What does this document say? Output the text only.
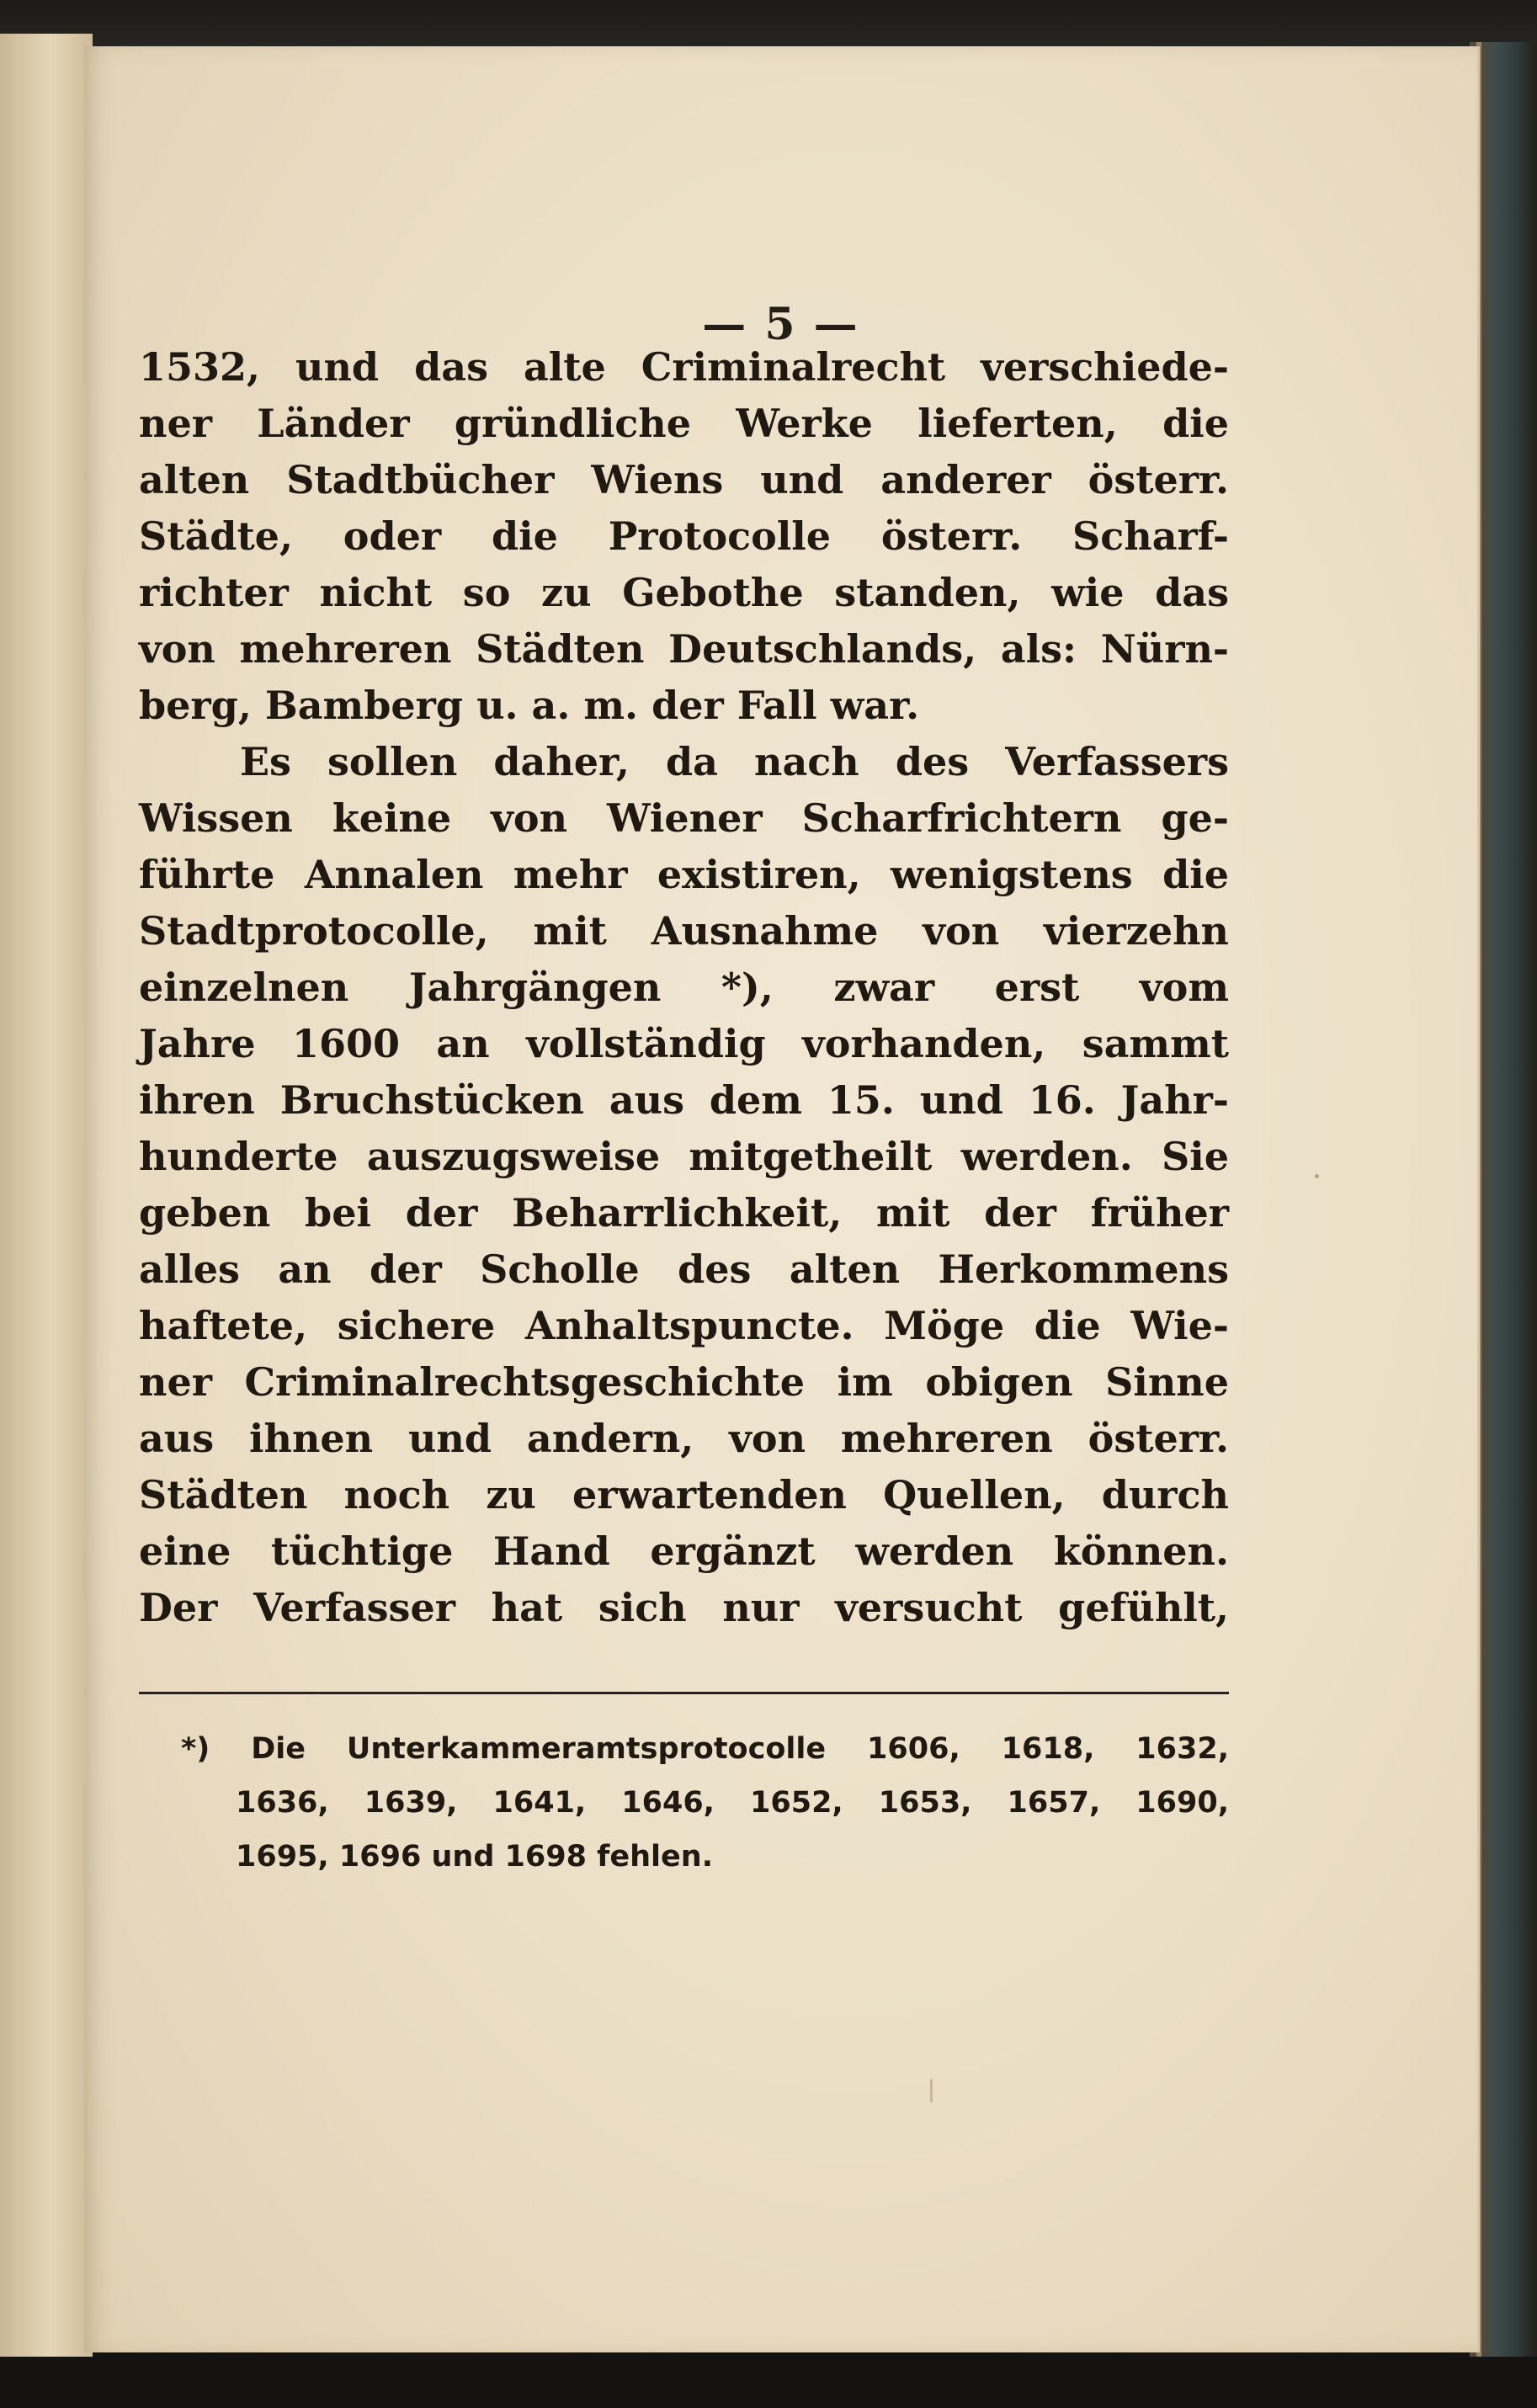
— 5 —
1532, und das alte Criminalrecht verschiede-
ner Länder gründliche Werke lieferten, die
alten Stadtbücher Wiens und anderer österr.
Städte, oder die Protocolle österr. Scharf-
richter nicht so zu Gebothe standen, wie das
von mehreren Städten Deutschlands, als: Nürn-
berg, Bamberg u. a. m. der Fall war.
Es sollen daher, da nach des Verfassers
Wissen keine von Wiener Scharfrichtern ge-
führte Annalen mehr existiren, wenigstens die
Stadtprotocolle, mit Ausnahme von vierzehn
einzelnen Jahrgängen *), zwar erst vom
Jahre 1600 an vollständig vorhanden, sammt
ihren Bruchstücken aus dem 15. und 16. Jahr-
hunderte auszugsweise mitgetheilt werden. Sie
geben bei der Beharrlichkeit, mit der früher
alles an der Scholle des alten Herkommens
haftete, sichere Anhaltspuncte. Möge die Wie-
ner Criminalrechtsgeschichte im obigen Sinne
aus ihnen und andern, von mehreren österr.
Städten noch zu erwartenden Quellen, durch
eine tüchtige Hand ergänzt werden können.
Der Verfasser hat sich nur versucht gefühlt,
*) Die Unterkammeramtsprotocolle 1606, 1618, 1632,
1636, 1639, 1641, 1646, 1652, 1653, 1657, 1690,
1695, 1696 und 1698 fehlen.
